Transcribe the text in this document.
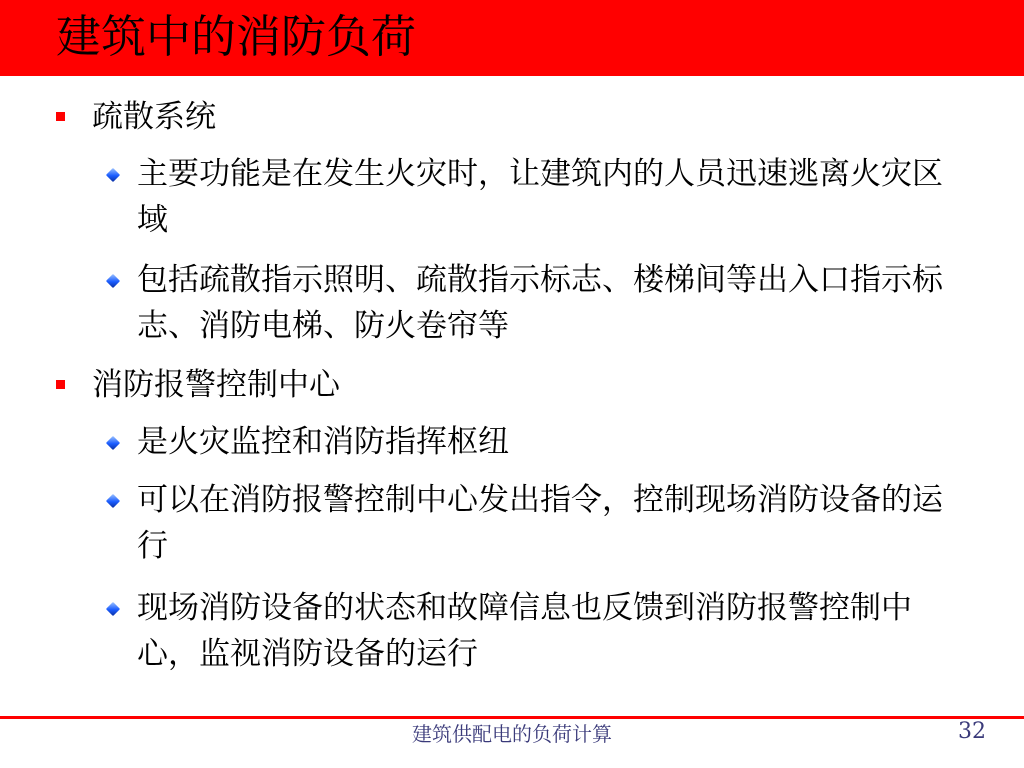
建筑中的消防负荷
疏散系统
主要功能是在发生火灾时，让建筑内的人员迅速逃离火灾区域
包括疏散指示照明、疏散指示标志、楼梯间等出入口指示标志、消防电梯、防火卷帘等
消防报警控制中心
是火灾监控和消防指挥枢纽
可以在消防报警控制中心发出指令，控制现场消防设备的运行
现场消防设备的状态和故障信息也反馈到消防报警控制中心，监视消防设备的运行
建筑供配电的负荷计算	32
